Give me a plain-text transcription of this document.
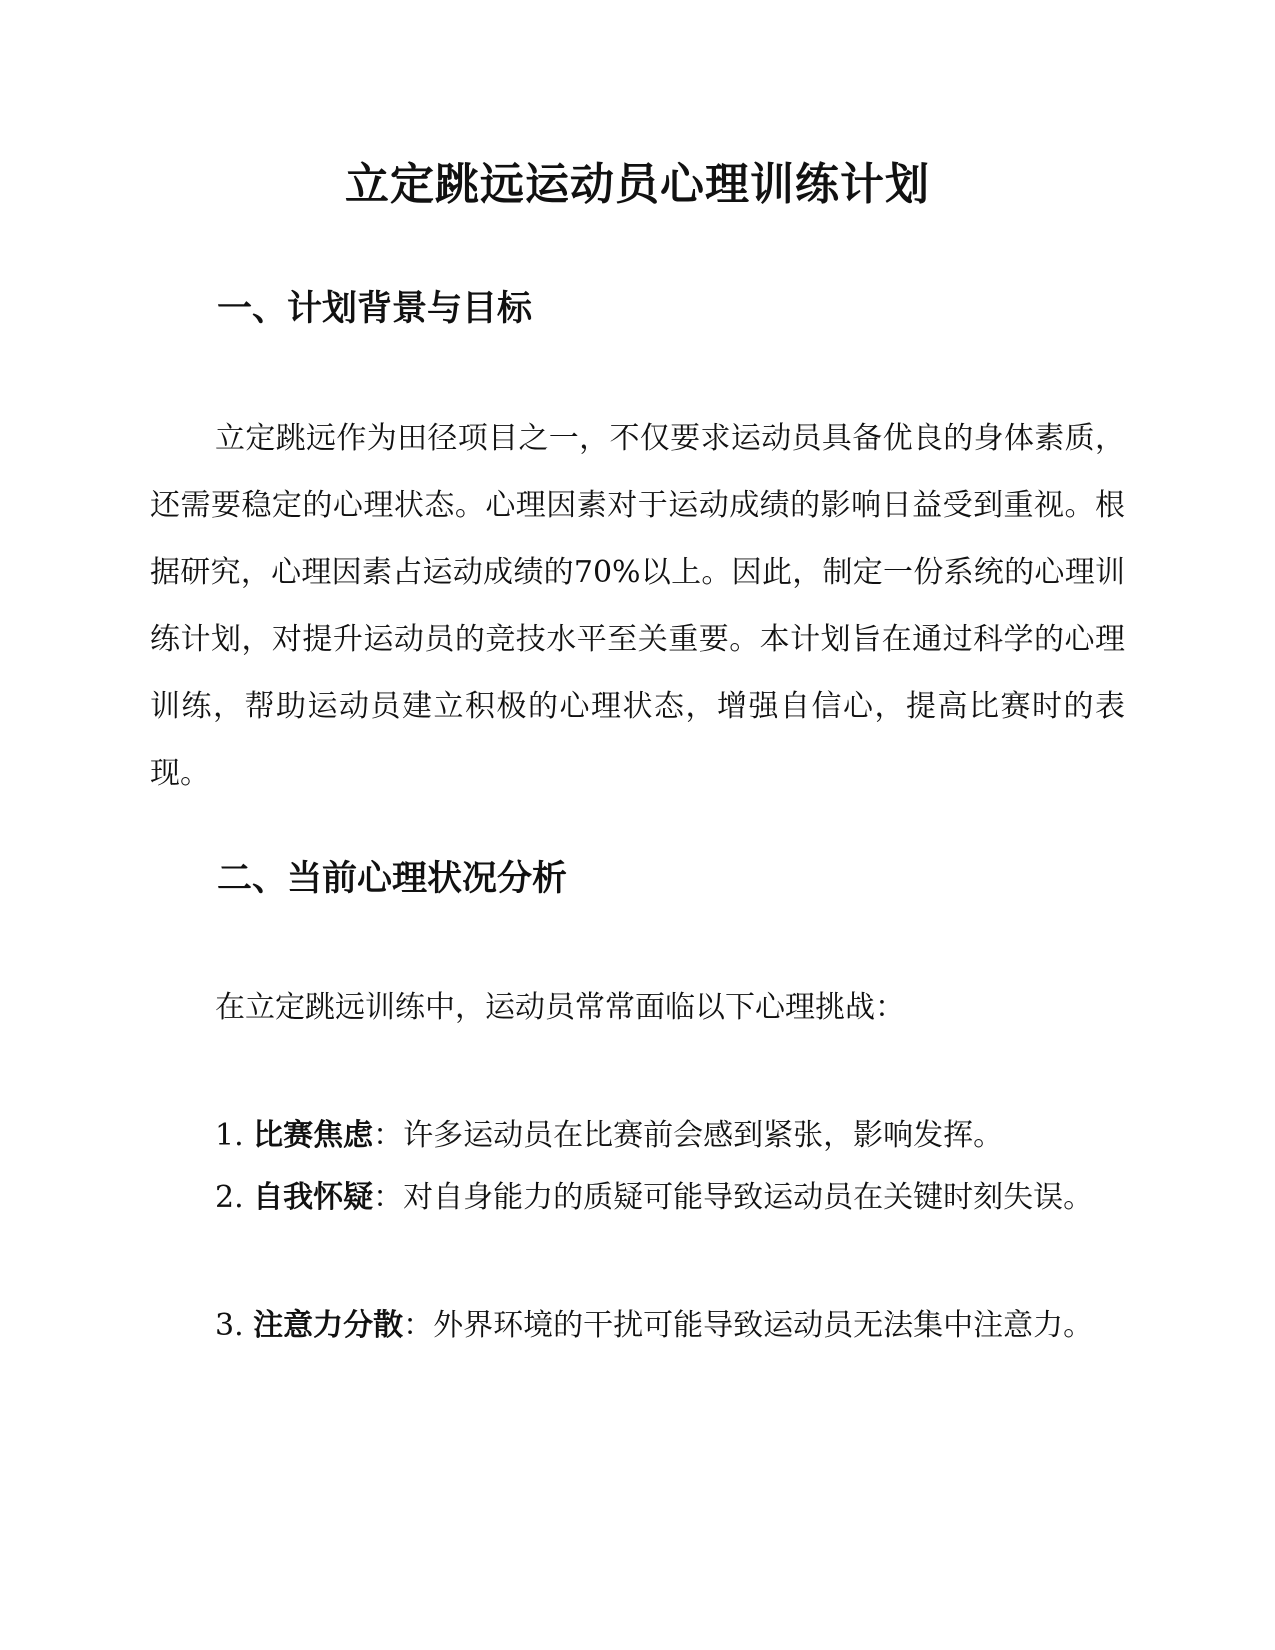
立定跳远运动员心理训练计划
一、计划背景与目标

立定跳远作为田径项目之一，不仅要求运动员具备优良的身体素质，还需要稳定的心理状态。心理因素对于运动成绩的影响日益受到重视。根据研究，心理因素占运动成绩的70%以上。因此，制定一份系统的心理训练计划，对提升运动员的竞技水平至关重要。本计划旨在通过科学的心理训练，帮助运动员建立积极的心理状态，增强自信心，提高比赛时的表现。

二、当前心理状况分析

在立定跳远训练中，运动员常常面临以下心理挑战：

1. 比赛焦虑：许多运动员在比赛前会感到紧张，影响发挥。

2. 自我怀疑：对自身能力的质疑可能导致运动员在关键时刻失误。

3. 注意力分散：外界环境的干扰可能导致运动员无法集中注意力。
